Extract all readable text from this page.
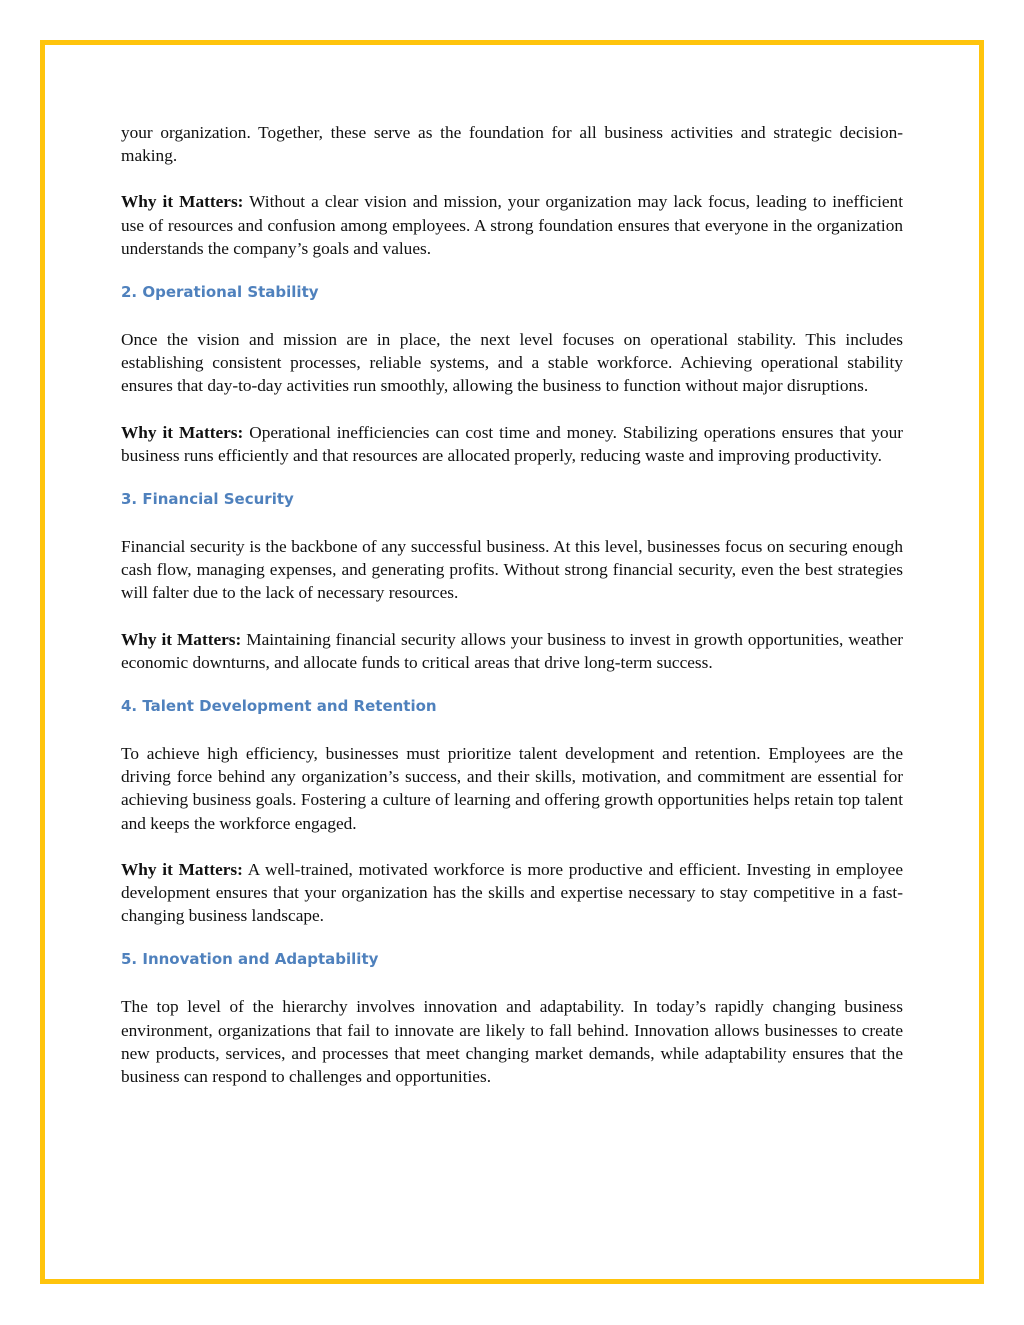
your organization. Together, these serve as the foundation for all business activities and strategic decision-making.

Why it Matters: Without a clear vision and mission, your organization may lack focus, leading to inefficient use of resources and confusion among employees. A strong foundation ensures that everyone in the organization understands the company’s goals and values.

2. Operational Stability

Once the vision and mission are in place, the next level focuses on operational stability. This includes establishing consistent processes, reliable systems, and a stable workforce. Achieving operational stability ensures that day-to-day activities run smoothly, allowing the business to function without major disruptions.

Why it Matters: Operational inefficiencies can cost time and money. Stabilizing operations ensures that your business runs efficiently and that resources are allocated properly, reducing waste and improving productivity.

3. Financial Security

Financial security is the backbone of any successful business. At this level, businesses focus on securing enough cash flow, managing expenses, and generating profits. Without strong financial security, even the best strategies will falter due to the lack of necessary resources.

Why it Matters: Maintaining financial security allows your business to invest in growth opportunities, weather economic downturns, and allocate funds to critical areas that drive long-term success.

4. Talent Development and Retention

To achieve high efficiency, businesses must prioritize talent development and retention. Employees are the driving force behind any organization’s success, and their skills, motivation, and commitment are essential for achieving business goals. Fostering a culture of learning and offering growth opportunities helps retain top talent and keeps the workforce engaged.

Why it Matters: A well-trained, motivated workforce is more productive and efficient. Investing in employee development ensures that your organization has the skills and expertise necessary to stay competitive in a fast-changing business landscape.

5. Innovation and Adaptability

The top level of the hierarchy involves innovation and adaptability. In today’s rapidly changing business environment, organizations that fail to innovate are likely to fall behind. Innovation allows businesses to create new products, services, and processes that meet changing market demands, while adaptability ensures that the business can respond to challenges and opportunities.
